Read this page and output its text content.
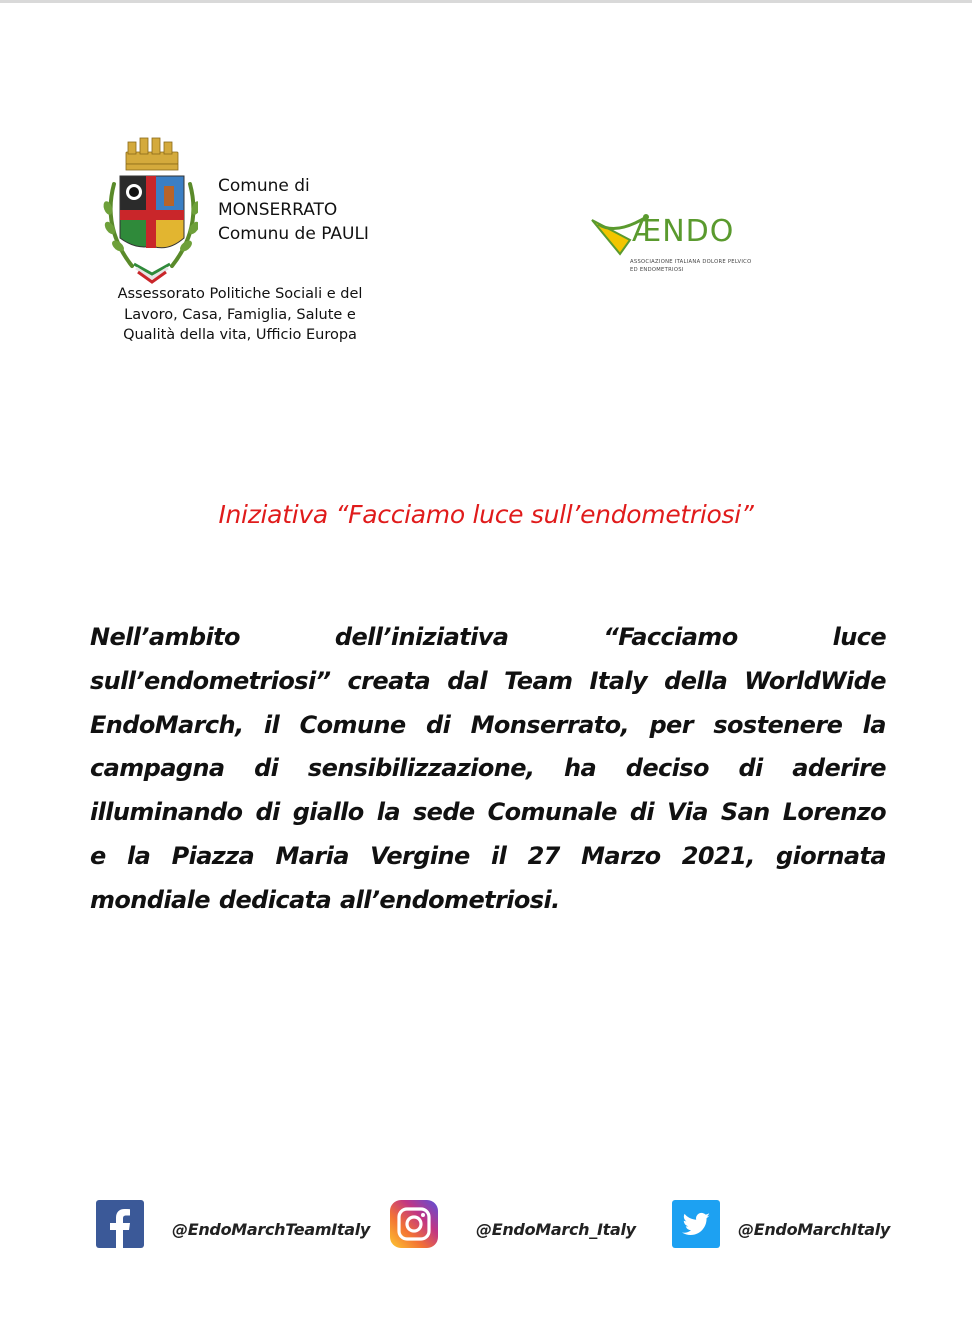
Comune di
MONSERRATO
Comunu de PAULI
Assessorato Politiche Sociali e del
Lavoro, Casa, Famiglia, Salute e
Qualità della vita, Ufficio Europa
ÆNDO
ASSOCIAZIONE ITALIANA DOLORE PELVICO
ED ENDOMETRIOSI
Iniziativa “Facciamo luce sull’endometriosi”
Nell’ambito	dell’iniziativa	“Facciamo	luce
sull’endometriosi” creata dal Team Italy della WorldWide
EndoMarch, il Comune di Monserrato, per sostenere la
campagna di sensibilizzazione, ha deciso di aderire
illuminando di giallo la sede Comunale di Via San Lorenzo
e la Piazza Maria Vergine il 27 Marzo 2021, giornata
mondiale dedicata all’endometriosi.
@EndoMarchTeamItaly	@EndoMarch_Italy	@EndoMarchItaly
